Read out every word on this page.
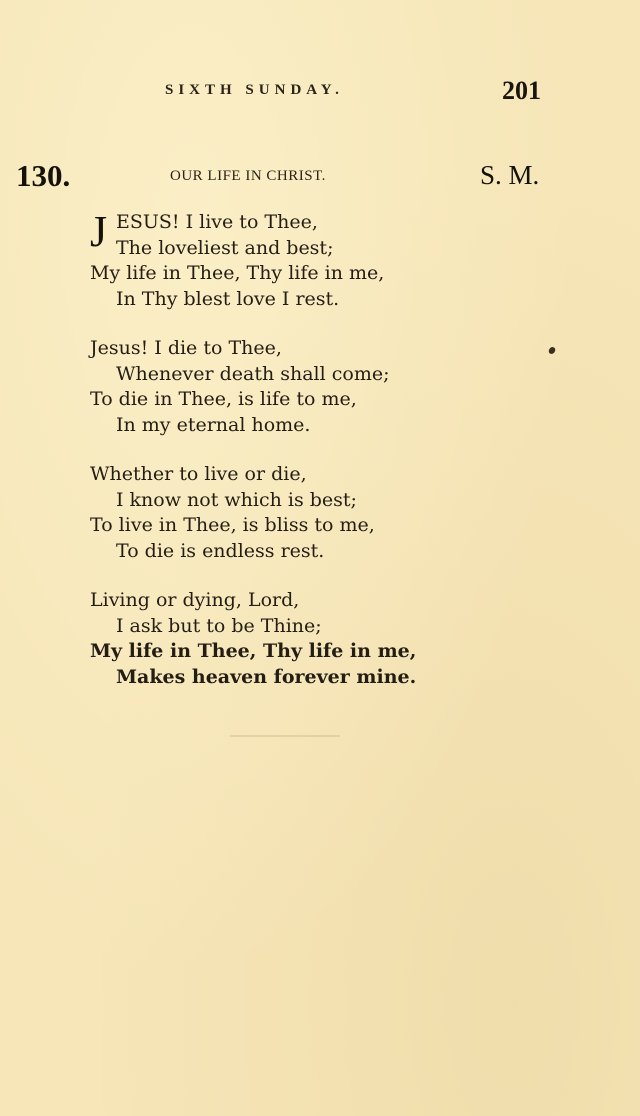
SIXTH SUNDAY.	201
130.	OUR LIFE IN CHRIST.	S. M.
J ESUS! I live to Thee,
The loveliest and best;
My life in Thee, Thy life in me,
In Thy blest love I rest.
Jesus! I die to Thee,
Whenever death shall come;
To die in Thee, is life to me,
In my eternal home.
Whether to live or die,
I know not which is best;
To live in Thee, is bliss to me,
To die is endless rest.
Living or dying, Lord,
I ask but to be Thine;
My life in Thee, Thy life in me,
Makes heaven forever mine.
